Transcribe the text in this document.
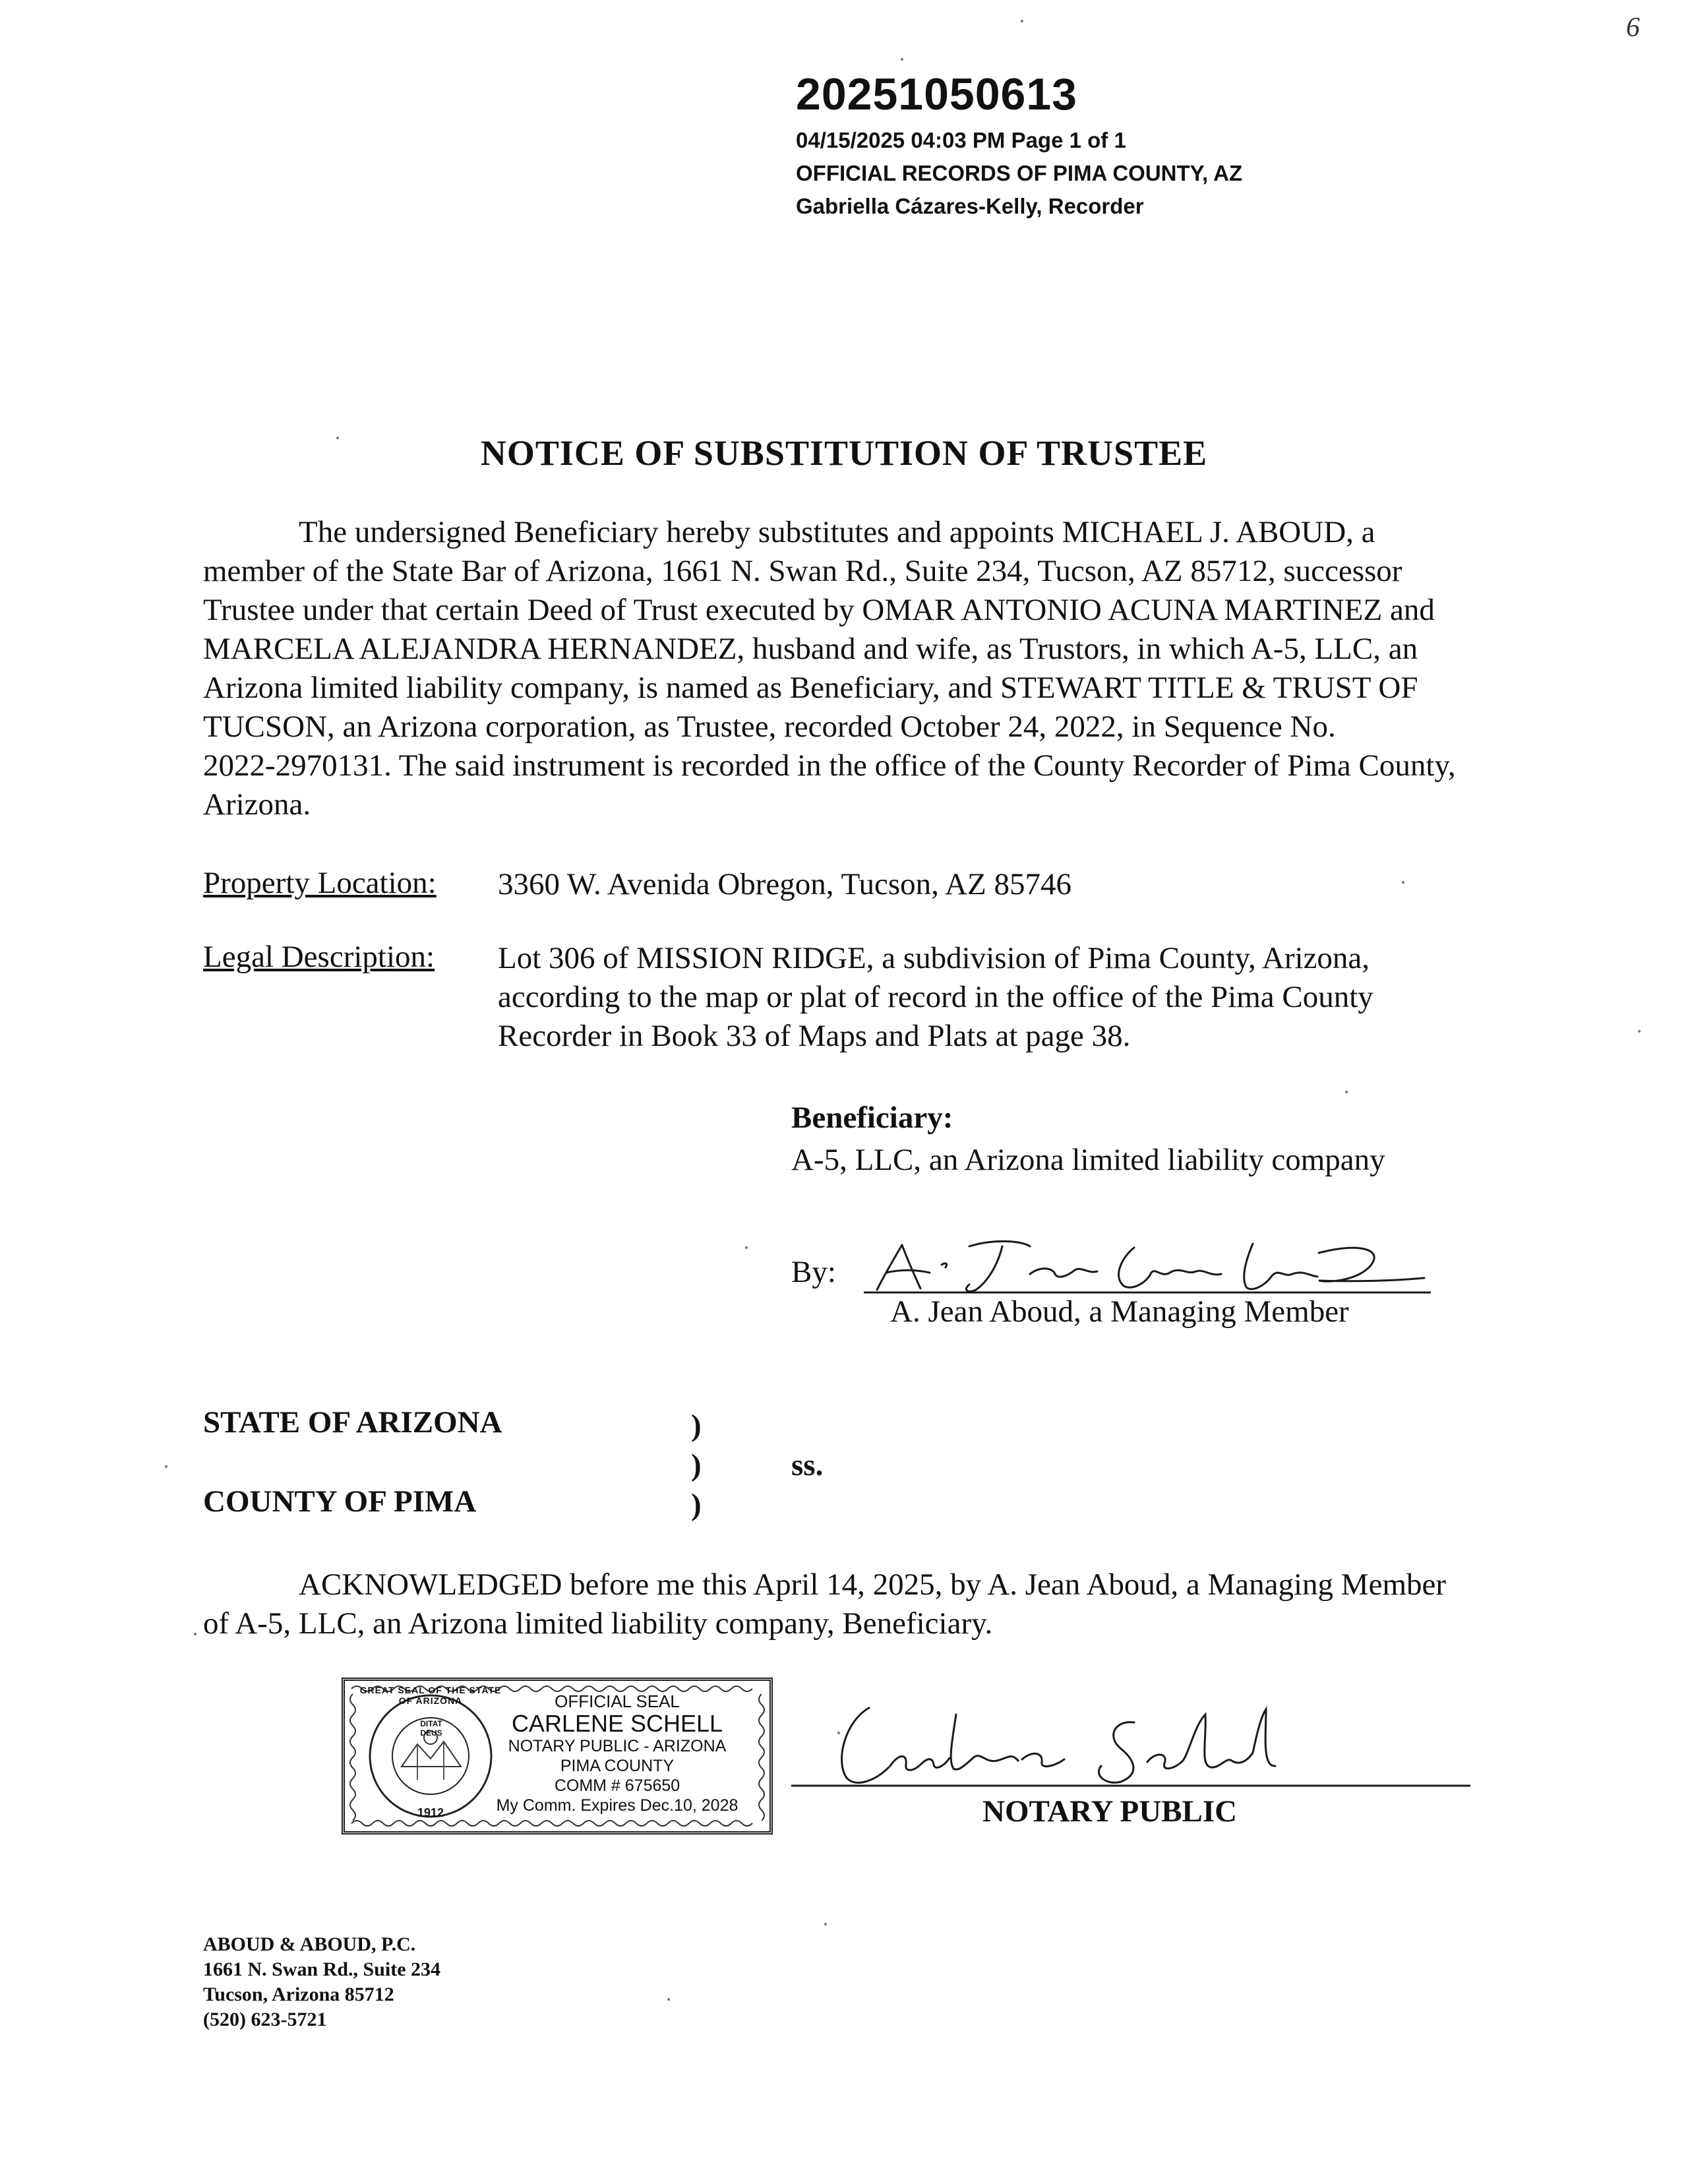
6
20251050613
04/15/2025 04:03 PM Page 1 of 1
OFFICIAL RECORDS OF PIMA COUNTY, AZ
Gabriella Cázares-Kelly, Recorder
NOTICE OF SUBSTITUTION OF TRUSTEE
The undersigned Beneficiary hereby substitutes and appoints MICHAEL J. ABOUD, a
member of the State Bar of Arizona, 1661 N. Swan Rd., Suite 234, Tucson, AZ 85712, successor
Trustee under that certain Deed of Trust executed by OMAR ANTONIO ACUNA MARTINEZ and
MARCELA ALEJANDRA HERNANDEZ, husband and wife, as Trustors, in which A-5, LLC, an
Arizona limited liability company, is named as Beneficiary, and STEWART TITLE & TRUST OF
TUCSON, an Arizona corporation, as Trustee, recorded October 24, 2022, in Sequence No.
2022-2970131. The said instrument is recorded in the office of the County Recorder of Pima County,
Arizona.
Property Location: 3360 W. Avenida Obregon, Tucson, AZ 85746
Legal Description: Lot 306 of MISSION RIDGE, a subdivision of Pima County, Arizona,
according to the map or plat of record in the office of the Pima County
Recorder in Book 33 of Maps and Plats at page 38.
Beneficiary:
A-5, LLC, an Arizona limited liability company
By:
A. Jean Aboud, a Managing Member
STATE OF ARIZONA
COUNTY OF PIMA
)
)
)
ss.
ACKNOWLEDGED before me this April 14, 2025, by A. Jean Aboud, a Managing Member
of A-5, LLC, an Arizona limited liability company, Beneficiary.
DITAT DEUS
GREAT SEAL OF THE STATE OF ARIZONA
1912
OFFICIAL SEAL
CARLENE SCHELL
NOTARY PUBLIC - ARIZONA
PIMA COUNTY
COMM # 675650
My Comm. Expires Dec.10, 2028	NOTARY PUBLIC
ABOUD & ABOUD, P.C.
1661 N. Swan Rd., Suite 234
Tucson, Arizona 85712
(520) 623-5721
